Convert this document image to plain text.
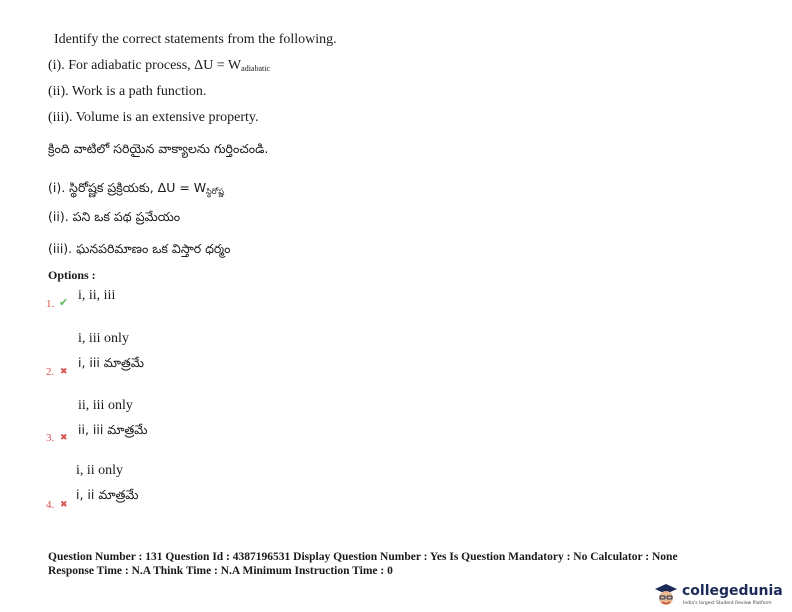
Identify the correct statements from the following.
(i). For adiabatic process, $\Delta U = W_{adiabatic}$
(ii). Work is a path function.
(iii). Volume is an extensive property.
క్రింది వాటిలో సరియైన వాక్యాలను గుర్తించండి.
(i). స్థిరోష్ణక ప్రక్రియకు, $\Delta U = W_{స్థిరోష్ణ}$
(ii). పని ఒక పథ ప్రమేయం
(iii). ఘనపరిమాణం ఒక విస్తార ధర్మం
Options :
1. ✔ i, ii, iii
i, iii only
2. ✖
i, iii మాత్రమే
ii, iii only
3. ✖ ii, iii మాత్రమే
i, ii only
4. ✖
i, ii మాత్రమే
Question Number : 131 Question Id : 4387196531 Display Question Number : Yes Is Question Mandatory : No Calculator : None
Response Time : N.A Think Time : N.A Minimum Instruction Time : 0
collegedunia
India's largest Student Review Platform
